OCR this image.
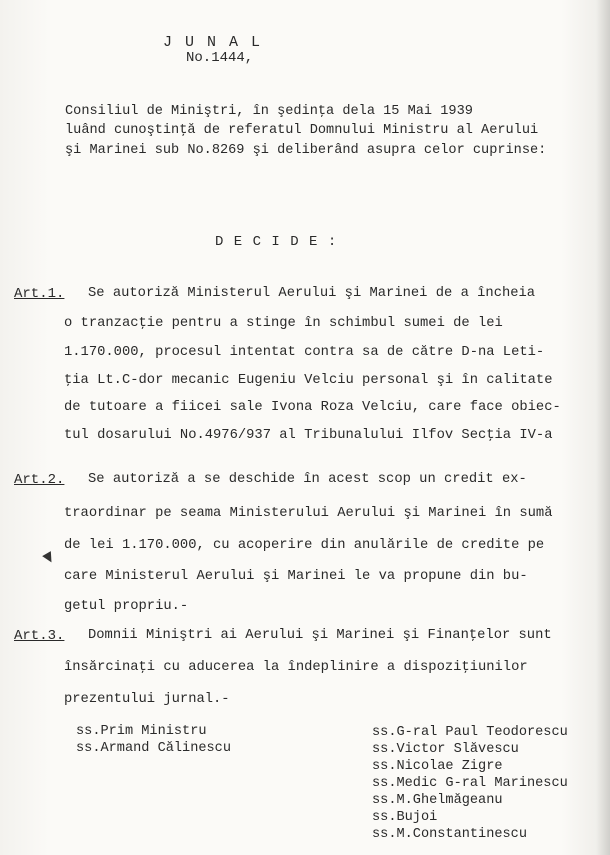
J U N A L
No.1444,
Consiliul de Miniştri, în şedinţa dela 15 Mai 1939
luând cunoştinţă de referatul Domnului Ministru al Aerului
şi Marinei sub No.8269 şi deliberând asupra celor cuprinse:
D E C I D E :
Art.1. Se autoriză Ministerul Aerului şi Marinei de a încheia
o tranzacţie pentru a stinge în schimbul sumei de lei
1.170.000, procesul intentat contra sa de către D-na Leti-
ţia Lt.C-dor mecanic Eugeniu Velciu personal şi în calitate
de tutoare a fiicei sale Ivona Roza Velciu, care face obiec-
tul dosarului No.4976/937 al Tribunalului Ilfov Secţia IV-a
Art.2. Se autoriză a se deschide în acest scop un credit ex-
traordinar pe seama Ministerului Aerului şi Marinei în sumă
de lei 1.170.000, cu acoperire din anulările de credite pe
care Ministerul Aerului şi Marinei le va propune din bu-
getul propriu.-
Art.3. Domnii Miniştri ai Aerului şi Marinei şi Finanţelor sunt
însărcinaţi cu aducerea la îndeplinire a dispoziţiunilor
prezentului jurnal.-
ss.Prim Ministru
ss.Armand Călinescu
ss.G-ral Paul Teodorescu
ss.Victor Slăvescu
ss.Nicolae Zigre
ss.Medic G-ral Marinescu
ss.M.Ghelmăgeanu
ss.Bujoi
ss.M.Constantinescu
